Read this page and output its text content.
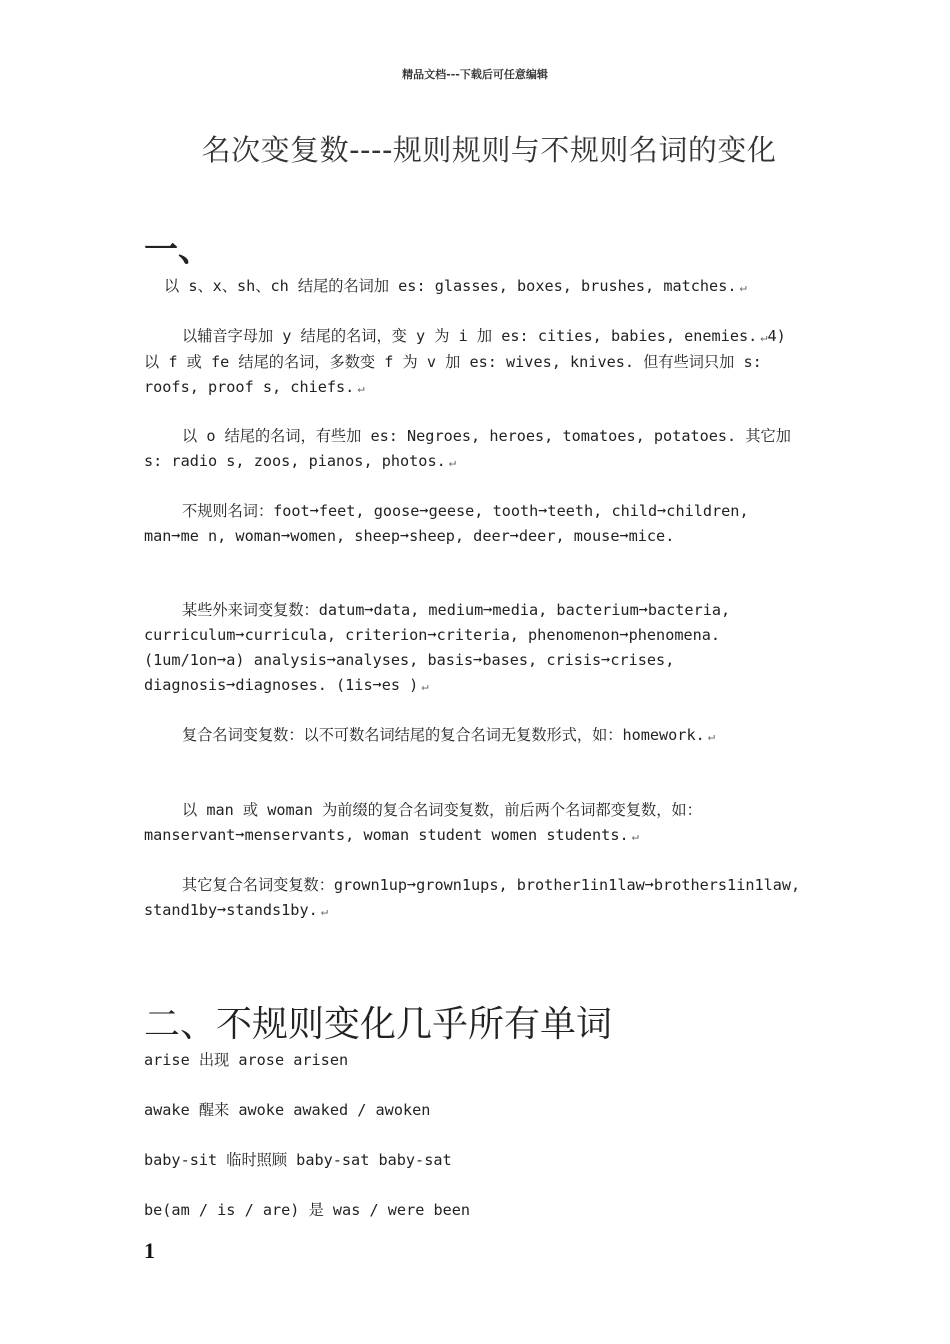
精品文档---下载后可任意编辑
名次变复数----规则规则与不规则名词的变化
一、

以 s、x、sh、ch 结尾的名词加 es: glasses, boxes, brushes, matches. ↵

以辅音字母加 y 结尾的名词，变 y 为 i 加 es: cities, babies, enemies. ↵4) 以 f 或 fe 结尾的名词，多数变 f 为 v 加 es: wives, knives. 但有些词只加 s: roofs, proof s, chiefs. ↵

以 o 结尾的名词，有些加 es: Negroes, heroes, tomatoes, potatoes. 其它加 s: radio s, zoos, pianos, photos. ↵

不规则名词：foot➞feet, goose➞geese, tooth➞teeth, child➞children, man➞me n, woman➞women, sheep➞sheep, deer➞deer, mouse➞mice.

某些外来词变复数：datum➞data, medium➞media, bacterium➞bacteria, curriculum➞curricula, criterion➞criteria, phenomenon➞phenomena. (1um/1on➞a) analysis➞analyses, basis➞bases, crisis➞crises, diagnosis➞diagnoses. (1is➞es ) ↵

复合名词变复数：以不可数名词结尾的复合名词无复数形式，如：homework. ↵

以 man 或 woman 为前缀的复合名词变复数，前后两个名词都变复数，如：manservant➞menservants, woman student women students. ↵

其它复合名词变复数：grown1up➞grown1ups, brother1in1law➞brothers1in1law, stand1by➞stands1by. ↵

二、不规则变化几乎所有单词
arise 出现 arose arisen
awake 醒来 awoke awaked / awoken
baby-sit 临时照顾 baby-sat baby-sat
be(am / is / are) 是 was / were been
1
